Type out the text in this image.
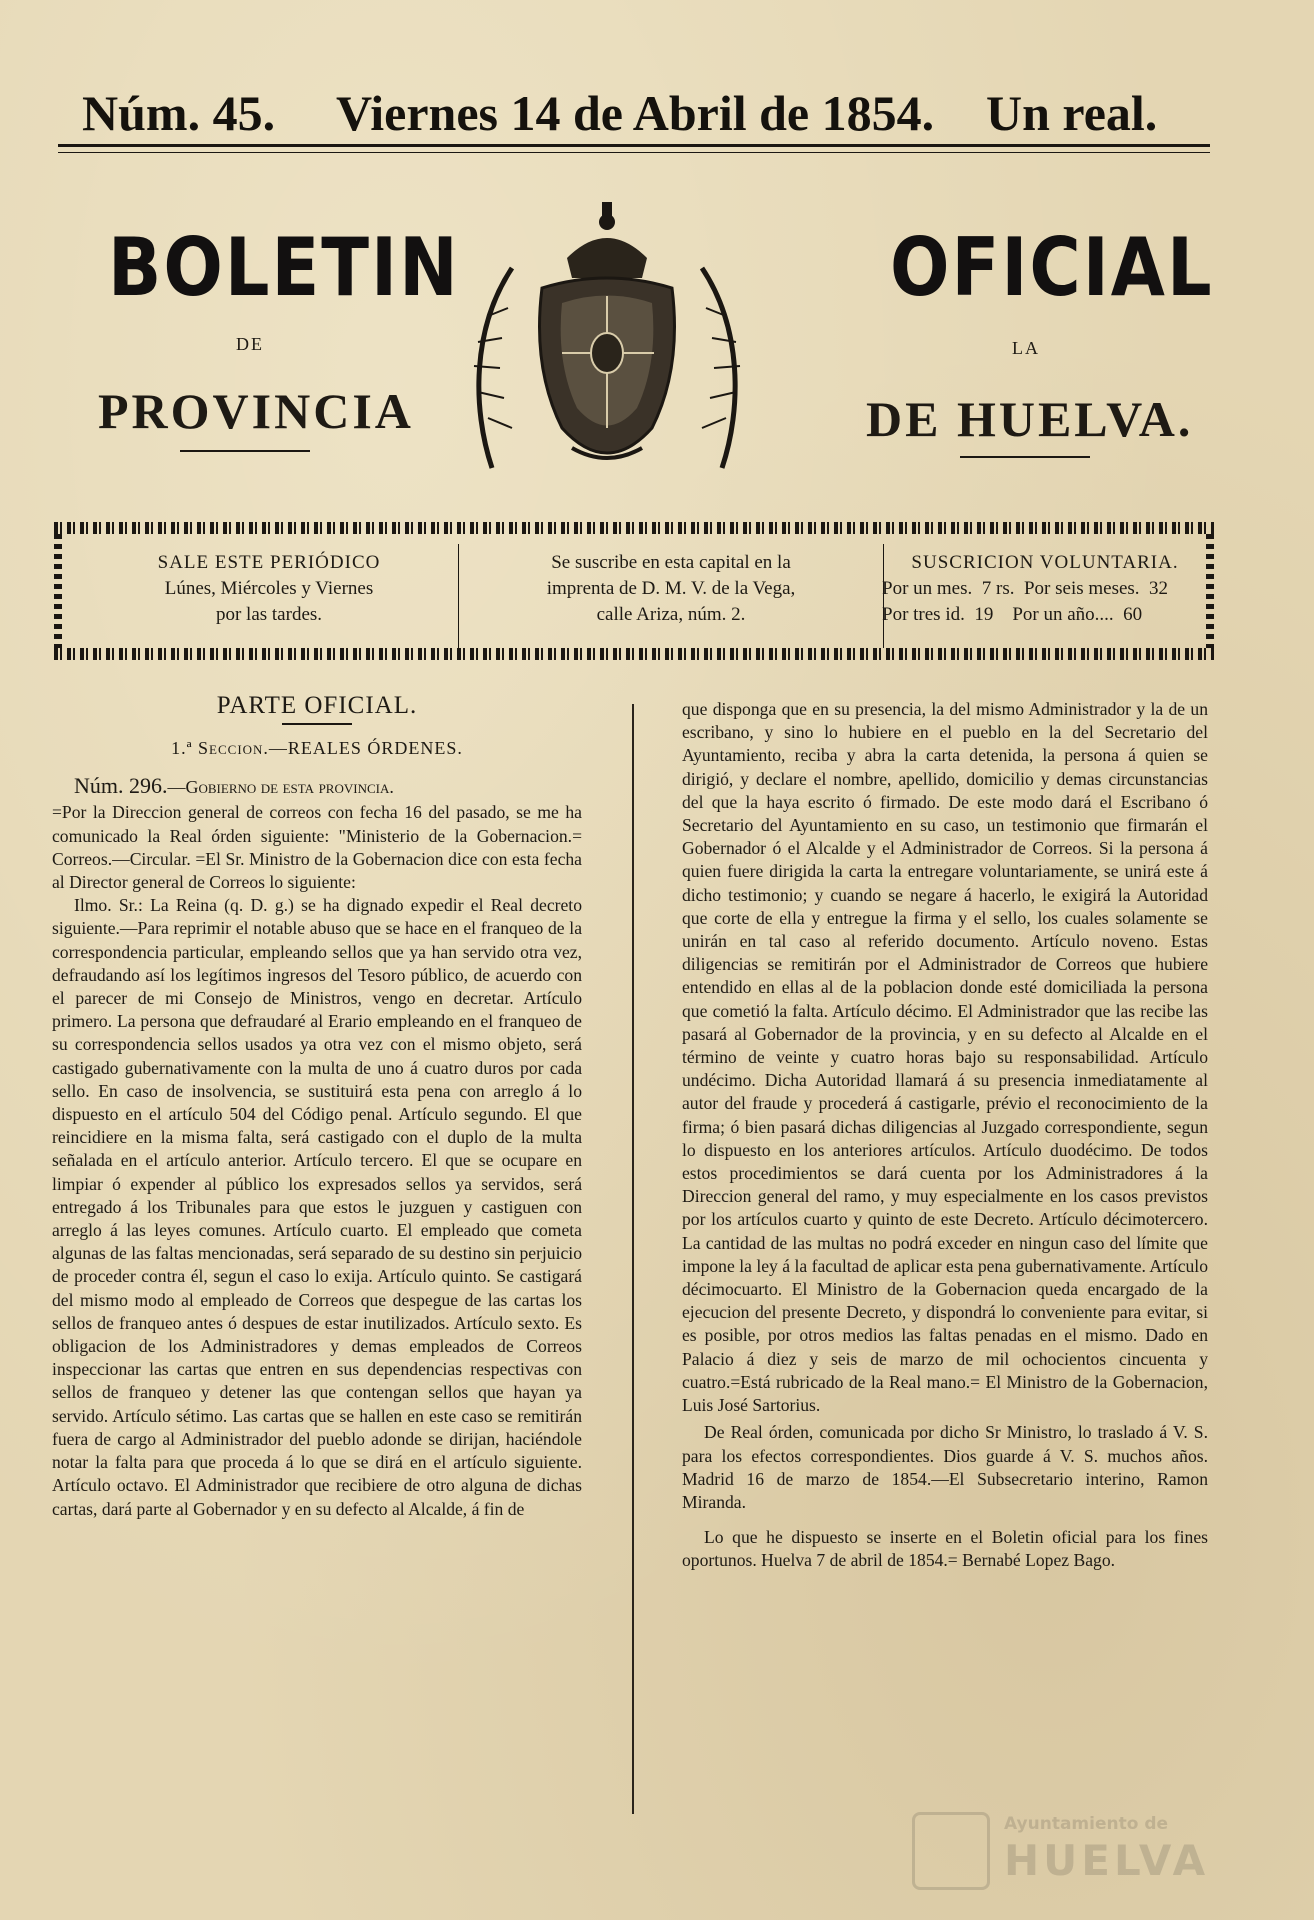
Núm. 45. Viernes 14 de Abril de 1854. Un real.
BOLETIN	OFICIAL
DE	LA
PROVINCIA	DE HUELVA.
SALE ESTE PERIÓDICO
Lúnes, Miércoles y Viernes
por las tardes.
Se suscribe en esta capital en la
imprenta de D. M. V. de la Vega,
calle Ariza, núm. 2.
SUSCRICION VOLUNTARIA.
Por un mes.  7 rs.  Por seis meses.  32
Por tres id.  19    Por un año....  60

PARTE OFICIAL.

1.ª Seccion.—REALES ÓRDENES.

Núm. 296.—Gobierno de esta provincia.

=Por la Direccion general de correos con fecha 16 del pasado, se me ha comunicado la Real órden siguiente: "Ministerio de la Gobernacion.= Correos.—Circular. =El Sr. Ministro de la Gobernacion dice con esta fecha al Director general de Correos lo siguiente:

Ilmo. Sr.: La Reina (q. D. g.) se ha dignado expedir el Real decreto siguiente.—Para reprimir el notable abuso que se hace en el franqueo de la correspondencia particular, empleando sellos que ya han servido otra vez, defraudando así los legítimos ingresos del Tesoro público, de acuerdo con el parecer de mi Consejo de Ministros, vengo en decretar. Artículo primero. La persona que defraudaré al Erario empleando en el franqueo de su correspondencia sellos usados ya otra vez con el mismo objeto, será castigado gubernativamente con la multa de uno á cuatro duros por cada sello. En caso de insolvencia, se sustituirá esta pena con arreglo á lo dispuesto en el artículo 504 del Código penal. Artículo segundo. El que reincidiere en la misma falta, será castigado con el duplo de la multa señalada en el artículo anterior. Artículo tercero. El que se ocupare en limpiar ó expender al público los expresados sellos ya servidos, será entregado á los Tribunales para que estos le juzguen y castiguen con arreglo á las leyes comunes. Artículo cuarto. El empleado que cometa algunas de las faltas mencionadas, será separado de su destino sin perjuicio de proceder contra él, segun el caso lo exija. Artículo quinto. Se castigará del mismo modo al empleado de Correos que despegue de las cartas los sellos de franqueo antes ó despues de estar inutilizados. Artículo sexto. Es obligacion de los Administradores y demas empleados de Correos inspeccionar las cartas que entren en sus dependencias respectivas con sellos de franqueo y detener las que contengan sellos que hayan ya servido. Artículo sétimo. Las cartas que se hallen en este caso se remitirán fuera de cargo al Administrador del pueblo adonde se dirijan, haciéndole notar la falta para que proceda á lo que se dirá en el artículo siguiente. Artículo octavo. El Administrador que recibiere de otro alguna de dichas cartas, dará parte al Gobernador y en su defecto al Alcalde, á fin de

que disponga que en su presencia, la del mismo Administrador y la de un escribano, y sino lo hubiere en el pueblo en la del Secretario del Ayuntamiento, reciba y abra la carta detenida, la persona á quien se dirigió, y declare el nombre, apellido, domicilio y demas circunstancias del que la haya escrito ó firmado. De este modo dará el Escribano ó Secretario del Ayuntamiento en su caso, un testimonio que firmarán el Gobernador ó el Alcalde y el Administrador de Correos. Si la persona á quien fuere dirigida la carta la entregare voluntariamente, se unirá este á dicho testimonio; y cuando se negare á hacerlo, le exigirá la Autoridad que corte de ella y entregue la firma y el sello, los cuales solamente se unirán en tal caso al referido documento. Artículo noveno. Estas diligencias se remitirán por el Administrador de Correos que hubiere entendido en ellas al de la poblacion donde esté domiciliada la persona que cometió la falta. Artículo décimo. El Administrador que las recibe las pasará al Gobernador de la provincia, y en su defecto al Alcalde en el término de veinte y cuatro horas bajo su responsabilidad. Artículo undécimo. Dicha Autoridad llamará á su presencia inmediatamente al autor del fraude y procederá á castigarle, prévio el reconocimiento de la firma; ó bien pasará dichas diligencias al Juzgado correspondiente, segun lo dispuesto en los anteriores artículos. Artículo duodécimo. De todos estos procedimientos se dará cuenta por los Administradores á la Direccion general del ramo, y muy especialmente en los casos previstos por los artículos cuarto y quinto de este Decreto. Artículo décimotercero. La cantidad de las multas no podrá exceder en ningun caso del límite que impone la ley á la facultad de aplicar esta pena gubernativamente. Artículo décimocuarto. El Ministro de la Gobernacion queda encargado de la ejecucion del presente Decreto, y dispondrá lo conveniente para evitar, si es posible, por otros medios las faltas penadas en el mismo. Dado en Palacio á diez y seis de marzo de mil ochocientos cincuenta y cuatro.=Está rubricado de la Real mano.= El Ministro de la Gobernacion, Luis José Sartorius.

De Real órden, comunicada por dicho Sr Ministro, lo traslado á V. S. para los efectos correspondientes. Dios guarde á V. S. muchos años. Madrid 16 de marzo de 1854.—El Subsecretario interino, Ramon Miranda.

Lo que he dispuesto se inserte en el Boletin oficial para los fines oportunos. Huelva 7 de abril de 1854.= Bernabé Lopez Bago.

Ayuntamiento de
HUELVA
